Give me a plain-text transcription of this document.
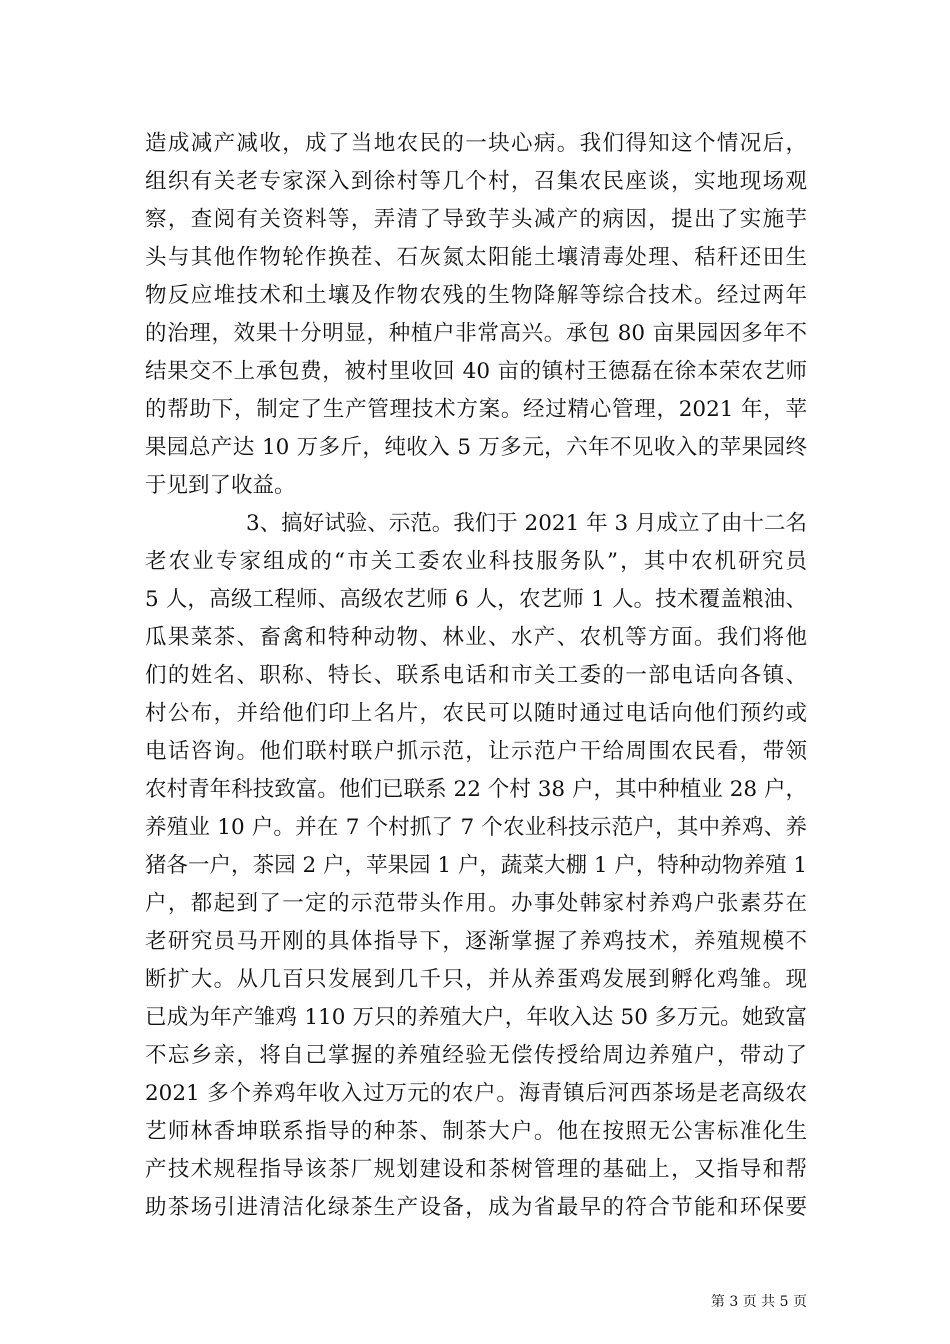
造成减产减收，成了当地农民的一块心病。我们得知这个情况后，
组织有关老专家深入到徐村等几个村，召集农民座谈，实地现场观
察，查阅有关资料等，弄清了导致芋头减产的病因，提出了实施芋
头与其他作物轮作换茬、石灰氮太阳能土壤清毒处理、秸秆还田生
物反应堆技术和土壤及作物农残的生物降解等综合技术。经过两年
的治理，效果十分明显，种植户非常高兴。承包 80 亩果园因多年不
结果交不上承包费，被村里收回 40 亩的镇村王德磊在徐本荣农艺师
的帮助下，制定了生产管理技术方案。经过精心管理，2021 年，苹
果园总产达 10 万多斤，纯收入 5 万多元，六年不见收入的苹果园终
于见到了收益。
3、搞好试验、示范。我们于 2021 年 3 月成立了由十二名
老农业专家组成的“市关工委农业科技服务队”，其中农机研究员
5 人，高级工程师、高级农艺师 6 人，农艺师 1 人。技术覆盖粮油、
瓜果菜茶、畜禽和特种动物、林业、水产、农机等方面。我们将他
们的姓名、职称、特长、联系电话和市关工委的一部电话向各镇、
村公布，并给他们印上名片，农民可以随时通过电话向他们预约或
电话咨询。他们联村联户抓示范，让示范户干给周围农民看，带领
农村青年科技致富。他们已联系 22 个村 38 户，其中种植业 28 户，
养殖业 10 户。并在 7 个村抓了 7 个农业科技示范户，其中养鸡、养
猪各一户，茶园 2 户，苹果园 1 户，蔬菜大棚 1 户，特种动物养殖 1
户，都起到了一定的示范带头作用。办事处韩家村养鸡户张素芬在
老研究员马开刚的具体指导下，逐渐掌握了养鸡技术，养殖规模不
断扩大。从几百只发展到几千只，并从养蛋鸡发展到孵化鸡雏。现
已成为年产雏鸡 110 万只的养殖大户，年收入达 50 多万元。她致富
不忘乡亲，将自己掌握的养殖经验无偿传授给周边养殖户，带动了
2021 多个养鸡年收入过万元的农户。海青镇后河西茶场是老高级农
艺师林香坤联系指导的种茶、制茶大户。他在按照无公害标准化生
产技术规程指导该茶厂规划建设和茶树管理的基础上，又指导和帮
助茶场引进清洁化绿茶生产设备，成为省最早的符合节能和环保要
第 3 页 共 5 页
